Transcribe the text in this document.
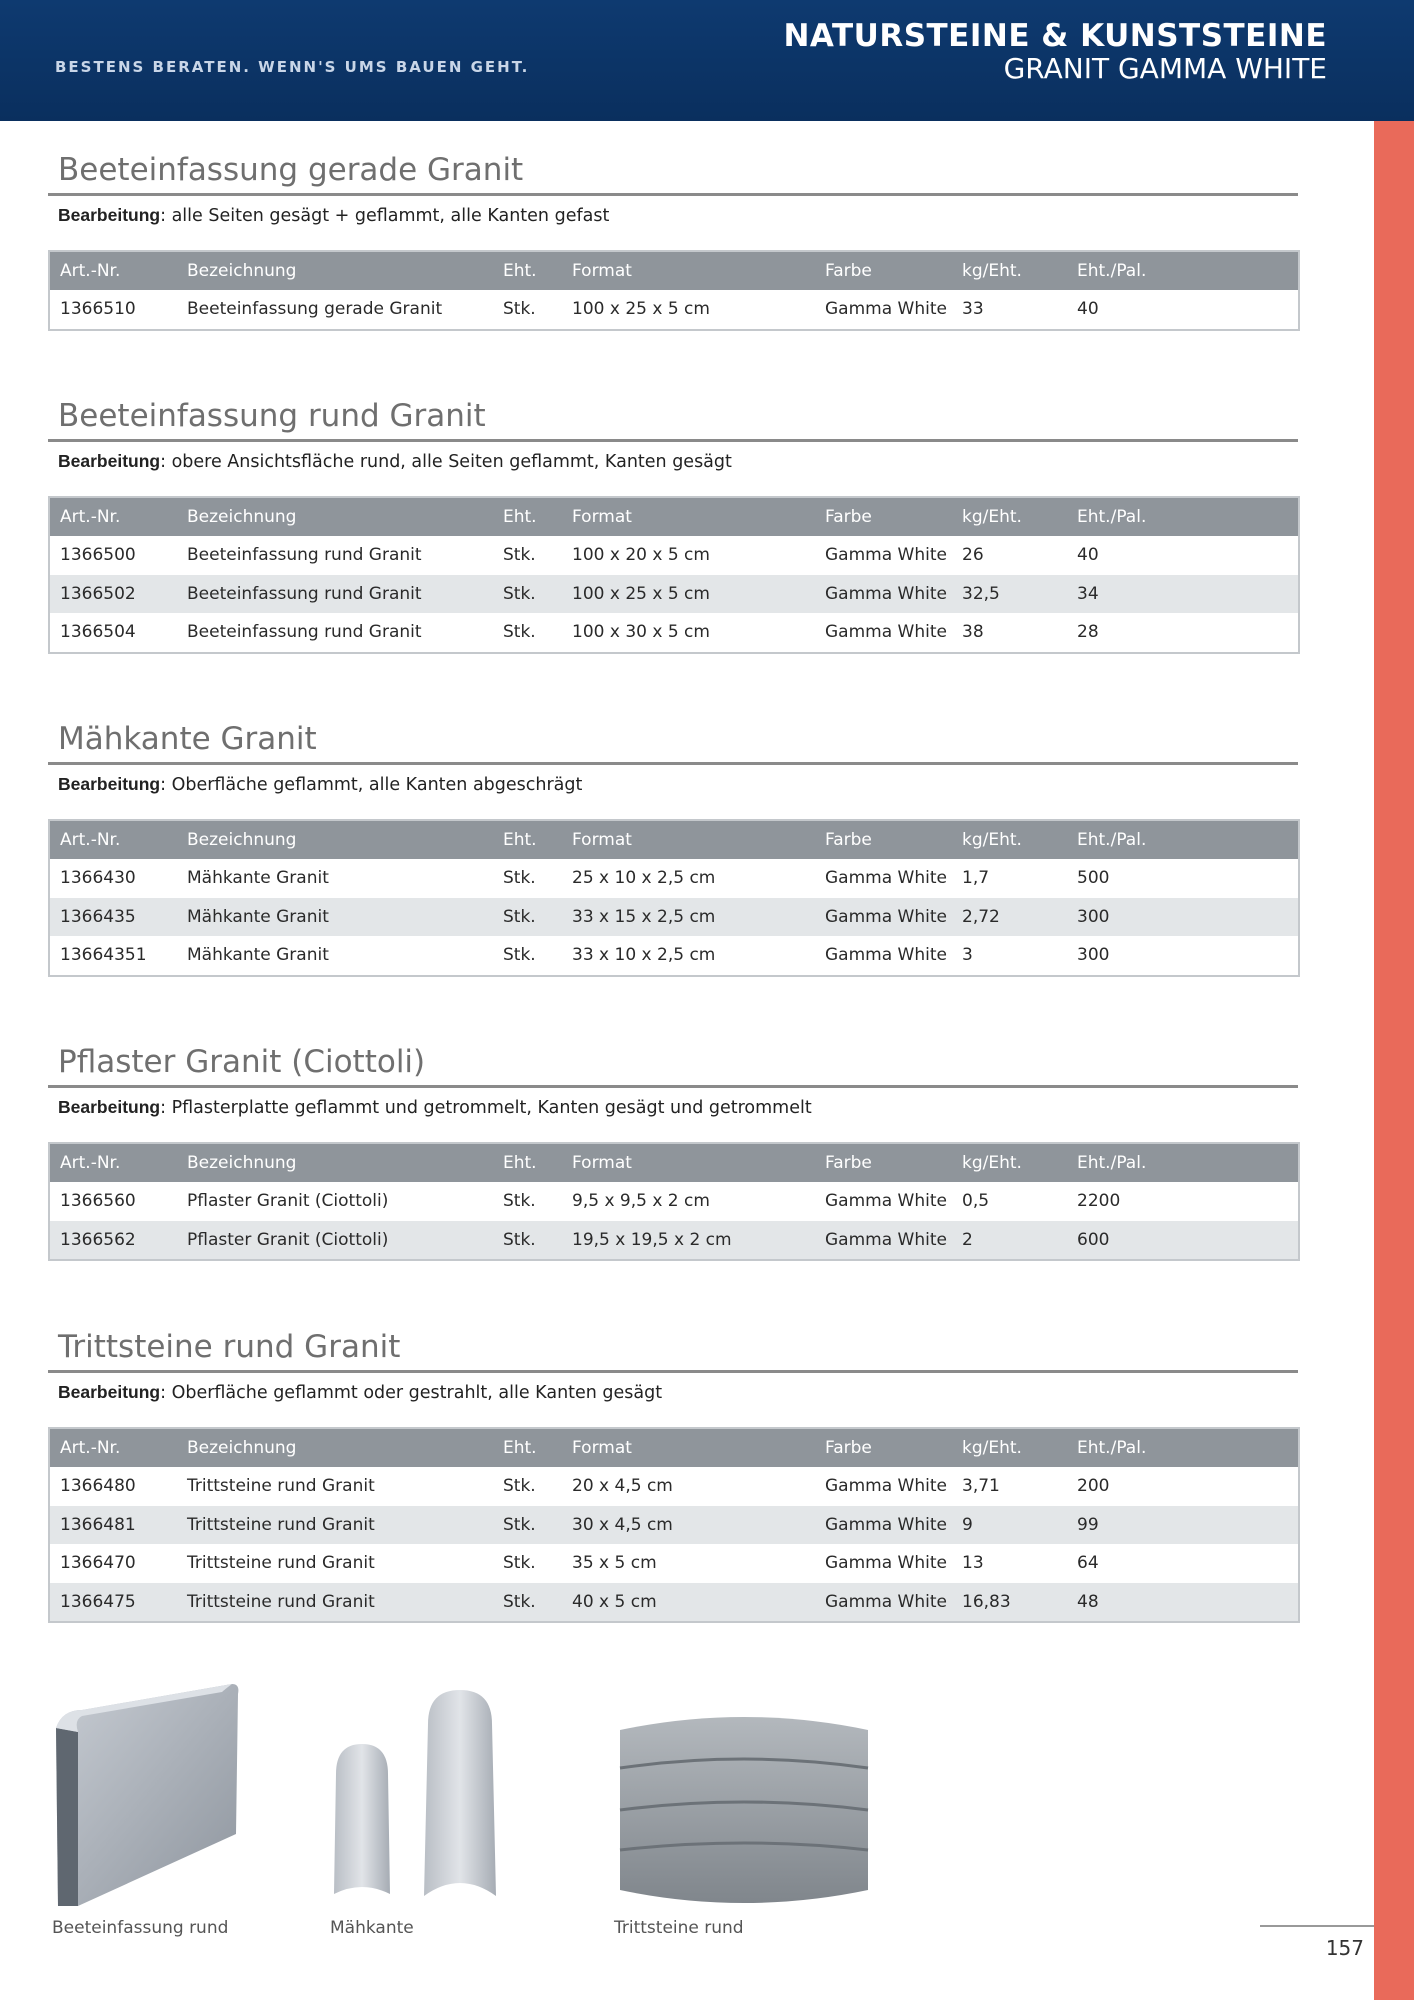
BESTENS BERATEN. WENN'S UMS BAUEN GEHT.
NATURSTEINE & KUNSTSTEINE
GRANIT GAMMA WHITE
Beeteinfassung gerade Granit
Bearbeitung: alle Seiten gesägt + geflammt, alle Kanten gefast
Art.-Nr.	Bezeichnung	Eht.	Format	Farbe	kg/Eht.	Eht./Pal.
1366510	Beeteinfassung gerade Granit	Stk.	100 x 25 x 5 cm	Gamma White	33	40
Beeteinfassung rund Granit
Bearbeitung: obere Ansichtsfläche rund, alle Seiten geflammt, Kanten gesägt
Art.-Nr.	Bezeichnung	Eht.	Format	Farbe	kg/Eht.	Eht./Pal.
1366500	Beeteinfassung rund Granit	Stk.	100 x 20 x 5 cm	Gamma White	26	40
1366502	Beeteinfassung rund Granit	Stk.	100 x 25 x 5 cm	Gamma White	32,5	34
1366504	Beeteinfassung rund Granit	Stk.	100 x 30 x 5 cm	Gamma White	38	28
Mähkante Granit
Bearbeitung: Oberfläche geflammt, alle Kanten abgeschrägt
Art.-Nr.	Bezeichnung	Eht.	Format	Farbe	kg/Eht.	Eht./Pal.
1366430	Mähkante Granit	Stk.	25 x 10 x 2,5 cm	Gamma White	1,7	500
1366435	Mähkante Granit	Stk.	33 x 15 x 2,5 cm	Gamma White	2,72	300
13664351	Mähkante Granit	Stk.	33 x 10 x 2,5 cm	Gamma White	3	300
Pflaster Granit (Ciottoli)
Bearbeitung: Pflasterplatte geflammt und getrommelt, Kanten gesägt und getrommelt
Art.-Nr.	Bezeichnung	Eht.	Format	Farbe	kg/Eht.	Eht./Pal.
1366560	Pflaster Granit (Ciottoli)	Stk.	9,5 x 9,5 x 2 cm	Gamma White	0,5	2200
1366562	Pflaster Granit (Ciottoli)	Stk.	19,5 x 19,5 x 2 cm	Gamma White	2	600
Trittsteine rund Granit
Bearbeitung: Oberfläche geflammt oder gestrahlt, alle Kanten gesägt
Art.-Nr.	Bezeichnung	Eht.	Format	Farbe	kg/Eht.	Eht./Pal.
1366480	Trittsteine rund Granit	Stk.	20 x 4,5 cm	Gamma White	3,71	200
1366481	Trittsteine rund Granit	Stk.	30 x 4,5 cm	Gamma White	9	99
1366470	Trittsteine rund Granit	Stk.	35 x 5 cm	Gamma White	13	64
1366475	Trittsteine rund Granit	Stk.	40 x 5 cm	Gamma White	16,83	48
Beeteinfassung rund	Mähkante	Trittsteine rund
157
